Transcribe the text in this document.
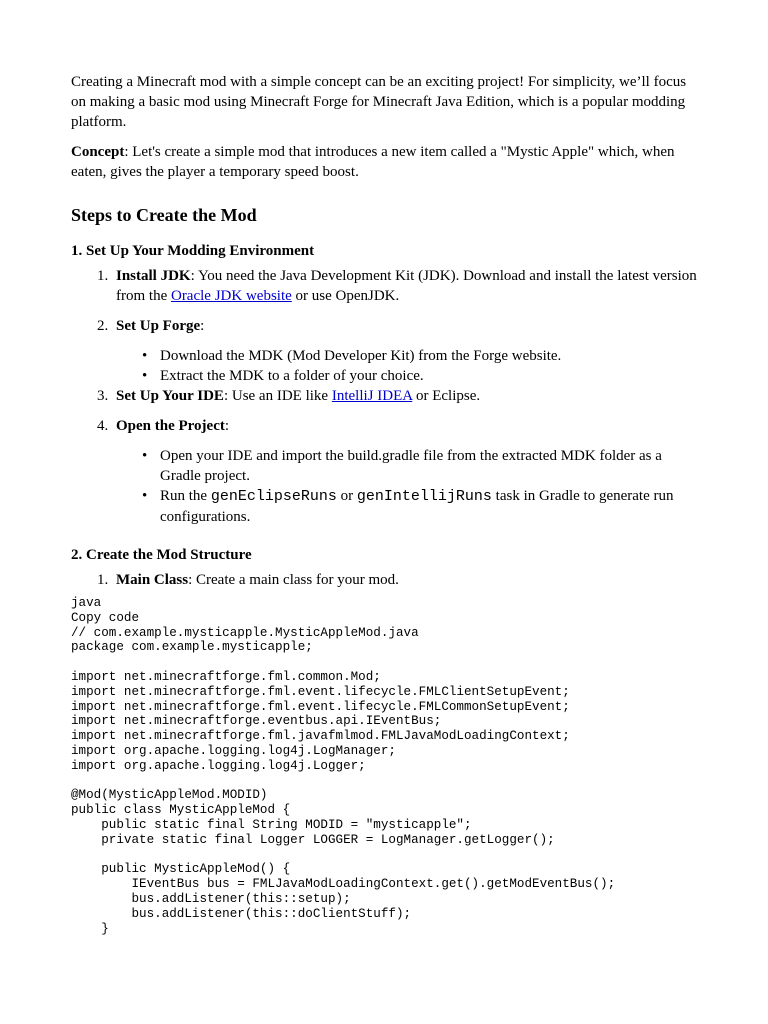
Creating a Minecraft mod with a simple concept can be an exciting project! For simplicity, we’ll focus on making a basic mod using Minecraft Forge for Minecraft Java Edition, which is a popular modding platform.

Concept: Let's create a simple mod that introduces a new item called a "Mystic Apple" which, when eaten, gives the player a temporary speed boost.

Steps to Create the Mod
1. Set Up Your Modding Environment
1. Install JDK: You need the Java Development Kit (JDK). Download and install the latest version from the Oracle JDK website or use OpenJDK.
2. Set Up Forge:
• Download the MDK (Mod Developer Kit) from the Forge website.
• Extract the MDK to a folder of your choice.
3. Set Up Your IDE: Use an IDE like IntelliJ IDEA or Eclipse.
4. Open the Project:
• Open your IDE and import the build.gradle file from the extracted MDK folder as a Gradle project.
• Run the genEclipseRuns or genIntellijRuns task in Gradle to generate run configurations.
2. Create the Mod Structure
1. Main Class: Create a main class for your mod.
java
Copy code
// com.example.mysticapple.MysticAppleMod.java
package com.example.mysticapple;

import net.minecraftforge.fml.common.Mod;
import net.minecraftforge.fml.event.lifecycle.FMLClientSetupEvent;
import net.minecraftforge.fml.event.lifecycle.FMLCommonSetupEvent;
import net.minecraftforge.eventbus.api.IEventBus;
import net.minecraftforge.fml.javafmlmod.FMLJavaModLoadingContext;
import org.apache.logging.log4j.LogManager;
import org.apache.logging.log4j.Logger;

@Mod(MysticAppleMod.MODID)
public class MysticAppleMod {
public static final String MODID = "mysticapple";
private static final Logger LOGGER = LogManager.getLogger();

public MysticAppleMod() {
IEventBus bus = FMLJavaModLoadingContext.get().getModEventBus();
bus.addListener(this::setup);
bus.addListener(this::doClientStuff);
}
